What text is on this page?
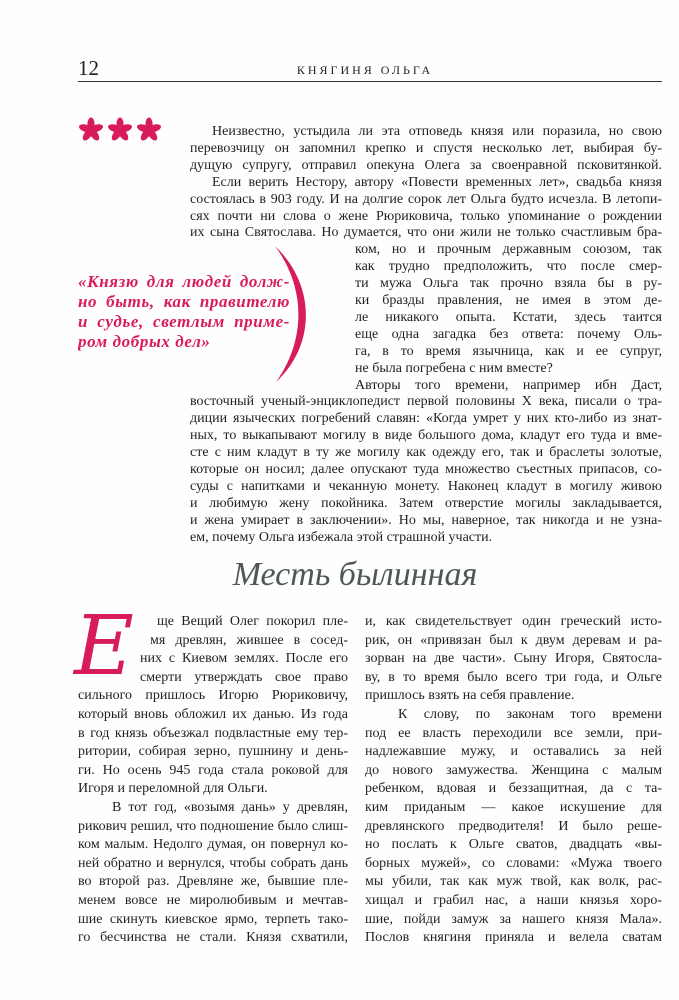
12	КНЯГИНЯ ОЛЬГА
Неизвестно, устыдила ли эта отповедь князя или поразила, но свою
перевозчицу он запомнил крепко и спустя несколько лет, выбирая бу-
дущую супругу, отправил опекуна Олега за своенравной псковитянкой.
Если верить Нестору, автору «Повести временных лет», свадьба князя
состоялась в 903 году. И на долгие сорок лет Ольга будто исчезла. В летопи-
сях почти ни слова о жене Рюриковича, только упоминание о рождении
их сына Святослава. Но думается, что они жили не только счастливым бра-
ком, но и прочным державным союзом, так
как трудно предположить, что после смер-
ти мужа Ольга так прочно взяла бы в ру-
ки бразды правления, не имея в этом де-
ле никакого опыта. Кстати, здесь таится
еще одна загадка без ответа: почему Оль-
га, в то время язычница, как и ее супруг,
не была погребена с ним вместе?
Авторы того времени, например ибн Даст,
восточный ученый-энциклопедист первой половины X века, писали о тра-
диции языческих погребений славян: «Когда умрет у них кто-либо из знат-
ных, то выкапывают могилу в виде большого дома, кладут его туда и вме-
сте с ним кладут в ту же могилу как одежду его, так и браслеты золотые,
которые он носил; далее опускают туда множество съестных припасов, со-
суды с напитками и чеканную монету. Наконец кладут в могилу живою
и любимую жену покойника. Затем отверстие могилы закладывается,
и жена умирает в заключении». Но мы, наверное, так никогда и не узна-
ем, почему Ольга избежала этой страшной участи.
«Князю для людей долж-
но быть, как правителю
и судье, светлым приме-
ром добрых дел»
Месть былинная
Е ще Вещий Олег покорил пле-
мя древлян, жившее в сосед-
них с Киевом землях. После его
смерти утверждать свое право
сильного пришлось Игорю Рюриковичу,
который вновь обложил их данью. Из года
в год князь объезжал подвластные ему тер-
ритории, собирая зерно, пушнину и день-
ги. Но осень 945 года стала роковой для
Игоря и переломной для Ольги.
В тот год, «возымя дань» у древлян,
рикович решил, что подношение было слиш-
ком малым. Недолго думая, он повернул ко-
ней обратно и вернулся, чтобы собрать дань
во второй раз. Древляне же, бывшие пле-
менем вовсе не миролюбивым и мечтав-
шие скинуть киевское ярмо, терпеть тако-
го бесчинства не стали. Князя схватили,
и, как свидетельствует один греческий исто-
рик, он «привязан был к двум деревам и ра-
зорван на две части». Сыну Игоря, Святосла-
ву, в то время было всего три года, и Ольге
пришлось взять на себя правление.
К слову, по законам того времени
под ее власть переходили все земли, при-
надлежавшие мужу, и оставались за ней
до нового замужества. Женщина с малым
ребенком, вдовая и беззащитная, да с та-
ким приданым — какое искушение для
древлянского предводителя! И было реше-
но послать к Ольге сватов, двадцать «вы-
борных мужей», со словами: «Мужа твоего
мы убили, так как муж твой, как волк, рас-
хищал и грабил нас, а наши князья хоро-
шие, пойди замуж за нашего князя Мала».
Послов княгиня приняла и велела сватам
